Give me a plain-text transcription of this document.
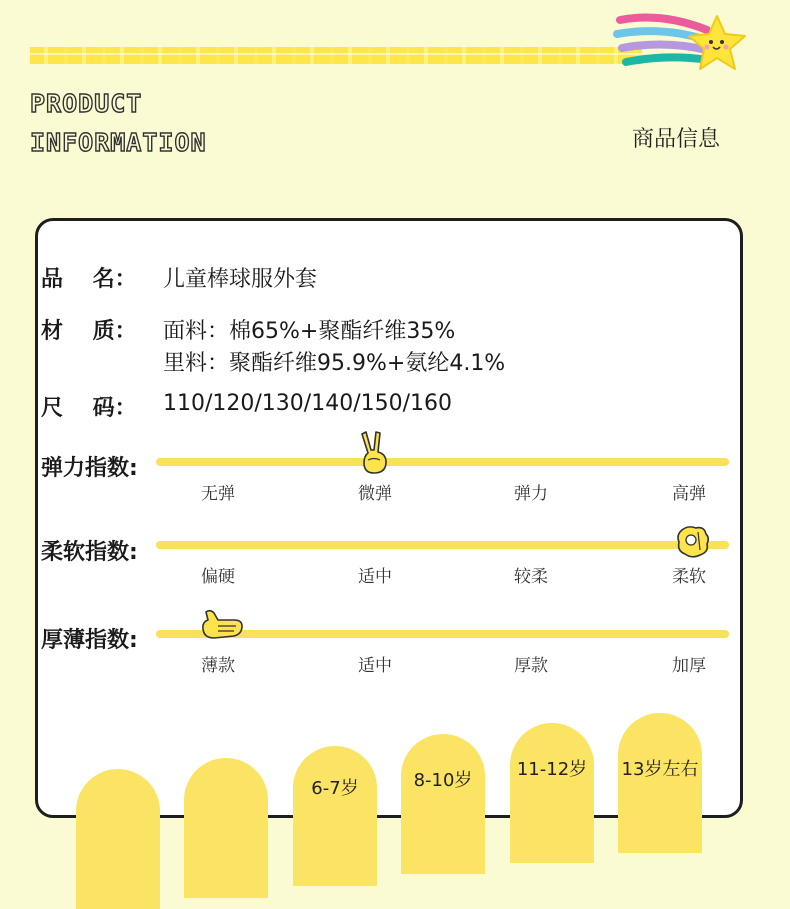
PRODUCT
INFORMATION	商品信息
品　 名： 儿童棒球服外套
材　 质： 面料：棉65%+聚酯纤维35%
里料：聚酯纤维95.9%+氨纶4.1%
尺　 码： 110/120/130/140/150/160
弹力指数:
无弹	微弹	弹力	高弹
柔软指数:
偏硬	适中	较柔	柔软
厚薄指数:
薄款	适中	厚款	加厚
6-7岁	8-10岁
11-12岁	13岁左右
